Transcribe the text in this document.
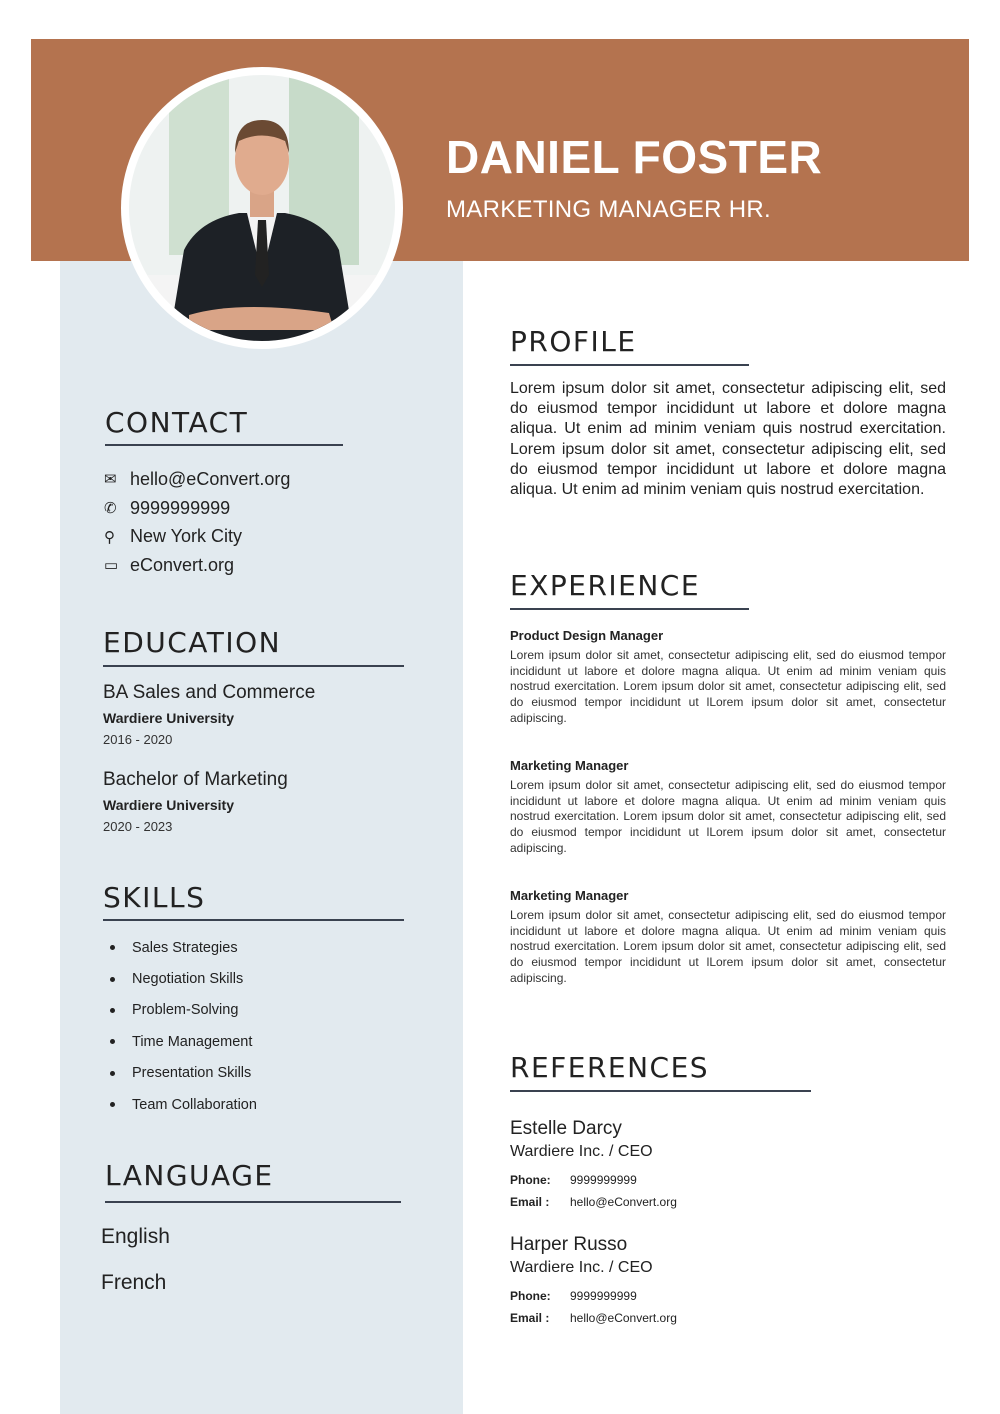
DANIEL FOSTER
MARKETING MANAGER HR.
CONTACT
✉ hello@eConvert.org
✆ 9999999999
⚲ New York City
▭ eConvert.org
EDUCATION
BA Sales and Commerce
Wardiere University
2016 - 2020
Bachelor of Marketing
Wardiere University
2020 - 2023
SKILLS
Sales Strategies
Negotiation Skills
Problem-Solving
Time Management
Presentation Skills
Team Collaboration
LANGUAGE
English
French
PROFILE
Lorem ipsum dolor sit amet, consectetur adipiscing elit, sed do eiusmod tempor incididunt ut labore et dolore magna aliqua. Ut enim ad minim veniam quis nostrud exercitation. Lorem ipsum dolor sit amet, consectetur adipiscing elit, sed do eiusmod tempor incididunt ut labore et dolore magna aliqua. Ut enim ad minim veniam quis nostrud exercitation.
EXPERIENCE
Product Design Manager
Lorem ipsum dolor sit amet, consectetur adipiscing elit, sed do eiusmod tempor incididunt ut labore et dolore magna aliqua. Ut enim ad minim veniam quis nostrud exercitation. Lorem ipsum dolor sit amet, consectetur adipiscing elit, sed do eiusmod tempor incididunt ut lLorem ipsum dolor sit amet, consectetur adipiscing.
Marketing Manager
Lorem ipsum dolor sit amet, consectetur adipiscing elit, sed do eiusmod tempor incididunt ut labore et dolore magna aliqua. Ut enim ad minim veniam quis nostrud exercitation. Lorem ipsum dolor sit amet, consectetur adipiscing elit, sed do eiusmod tempor incididunt ut lLorem ipsum dolor sit amet, consectetur adipiscing.
Marketing Manager
Lorem ipsum dolor sit amet, consectetur adipiscing elit, sed do eiusmod tempor incididunt ut labore et dolore magna aliqua. Ut enim ad minim veniam quis nostrud exercitation. Lorem ipsum dolor sit amet, consectetur adipiscing elit, sed do eiusmod tempor incididunt ut lLorem ipsum dolor sit amet, consectetur adipiscing.
REFERENCES
Estelle Darcy
Wardiere Inc. / CEO
Phone:	9999999999
Email :	hello@eConvert.org
Harper Russo
Wardiere Inc. / CEO
Phone:	9999999999
Email :	hello@eConvert.org
